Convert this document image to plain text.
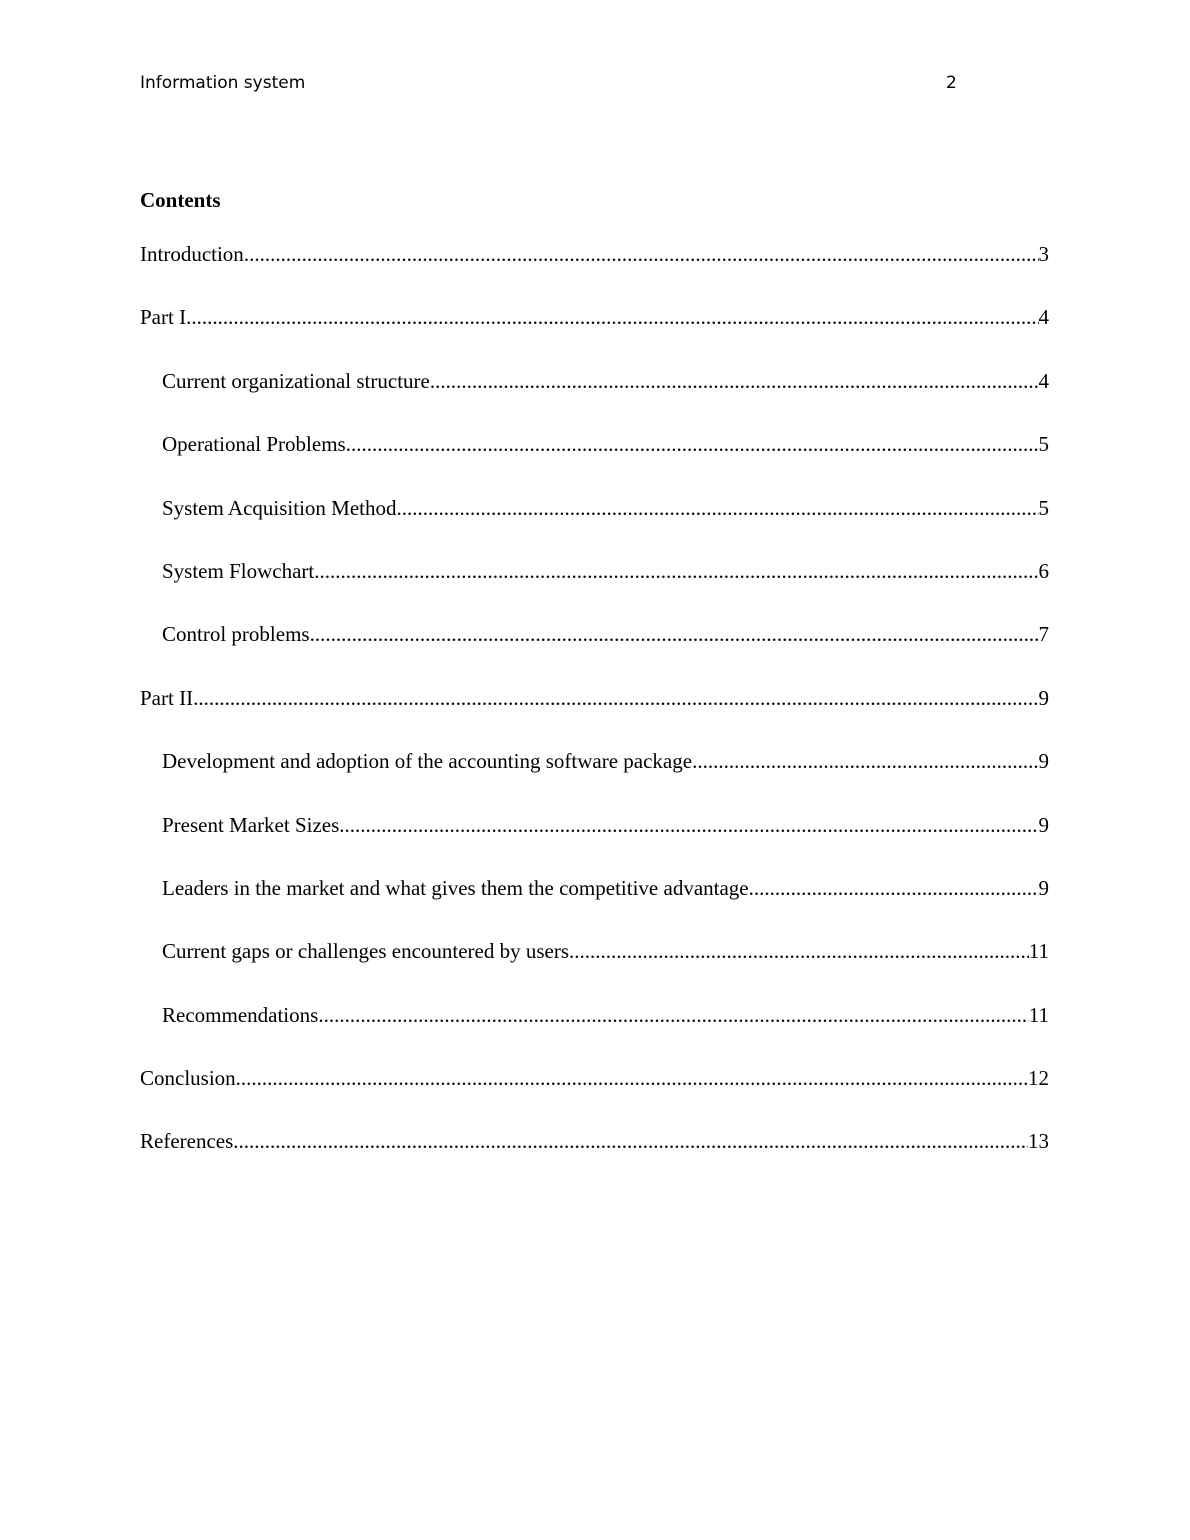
Information system	2
Contents
Introduction .....	3
Part I .....	4
Current organizational structure .....	4
Operational Problems .....	5
System Acquisition Method .....	5
System Flowchart .....	6
Control problems .....	7
Part II .....	9
Development and adoption of the accounting software package .....	9
Present Market Sizes .....	9
Leaders in the market and what gives them the competitive advantage .....	9
Current gaps or challenges encountered by users .....	11
Recommendations .....	11
Conclusion .....	12
References .....	13
